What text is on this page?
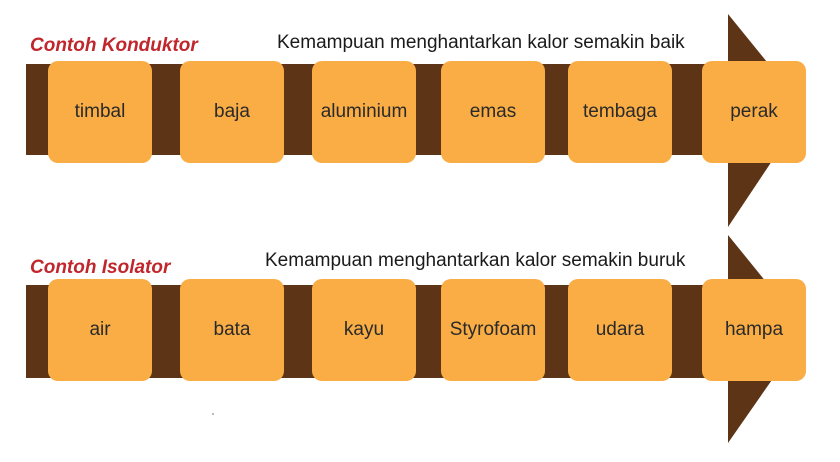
Contoh Konduktor	Kemampuan menghantarkan kalor semakin baik
timbal	baja	aluminium	emas	tembaga	perak
Contoh Isolator	Kemampuan menghantarkan kalor semakin buruk
air	bata	kayu	Styrofoam	udara	hampa
